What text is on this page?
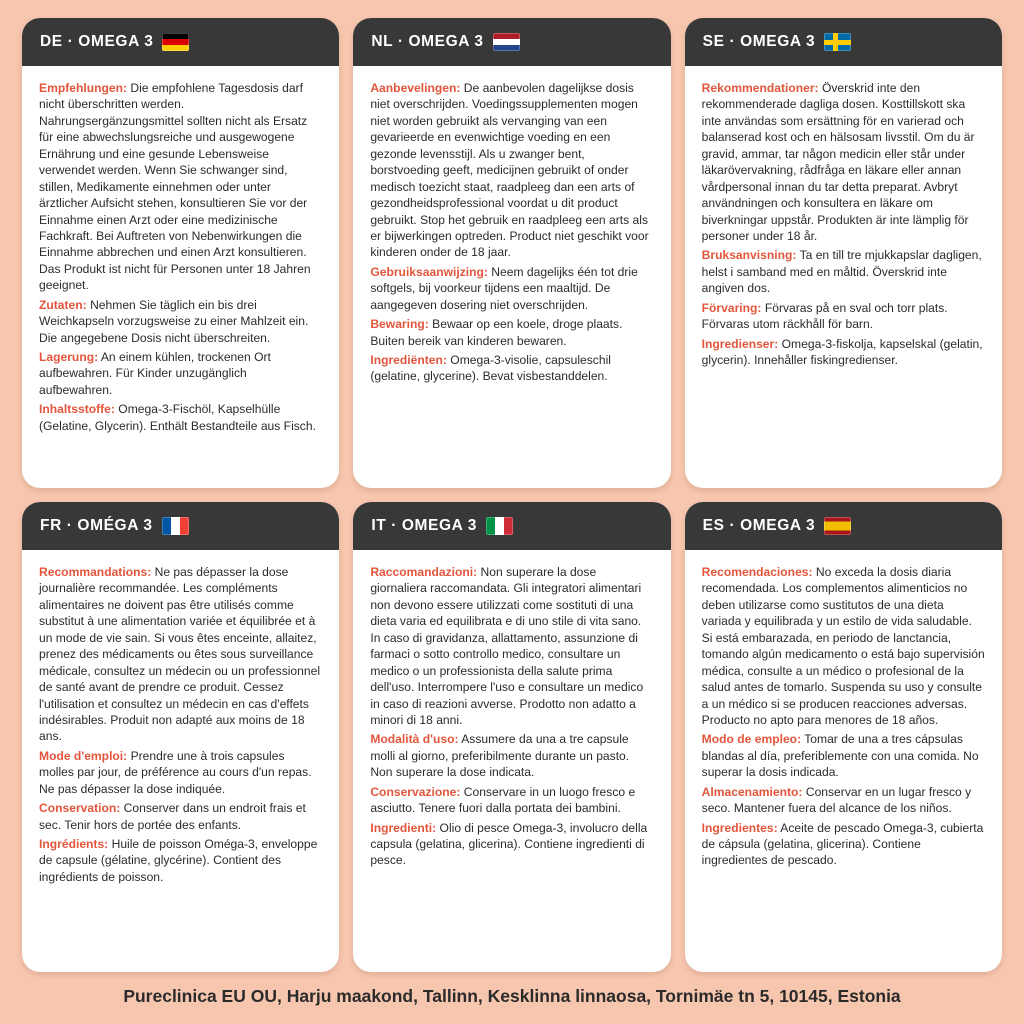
DE · OMEGA 3

Empfehlungen: Die empfohlene Tagesdosis darf nicht überschritten werden. Nahrungsergänzungsmittel sollten nicht als Ersatz für eine abwechslungsreiche und ausgewogene Ernährung und eine gesunde Lebensweise verwendet werden. Wenn Sie schwanger sind, stillen, Medikamente einnehmen oder unter ärztlicher Aufsicht stehen, konsultieren Sie vor der Einnahme einen Arzt oder eine medizinische Fachkraft. Bei Auftreten von Nebenwirkungen die Einnahme abbrechen und einen Arzt konsultieren. Das Produkt ist nicht für Personen unter 18 Jahren geeignet.

Zutaten: Nehmen Sie täglich ein bis drei Weichkapseln vorzugsweise zu einer Mahlzeit ein. Die angegebene Dosis nicht überschreiten.

Lagerung: An einem kühlen, trockenen Ort aufbewahren. Für Kinder unzugänglich aufbewahren.

Inhaltsstoffe: Omega-3-Fischöl, Kapselhülle (Gelatine, Glycerin). Enthält Bestandteile aus Fisch.

NL · OMEGA 3

Aanbevelingen: De aanbevolen dagelijkse dosis niet overschrijden. Voedingssupplementen mogen niet worden gebruikt als vervanging van een gevarieerde en evenwichtige voeding en een gezonde levensstijl. Als u zwanger bent, borstvoeding geeft, medicijnen gebruikt of onder medisch toezicht staat, raadpleeg dan een arts of gezondheidsprofessional voordat u dit product gebruikt. Stop het gebruik en raadpleeg een arts als er bijwerkingen optreden. Product niet geschikt voor kinderen onder de 18 jaar.

Gebruiksaanwijzing: Neem dagelijks één tot drie softgels, bij voorkeur tijdens een maaltijd. De aangegeven dosering niet overschrijden.

Bewaring: Bewaar op een koele, droge plaats. Buiten bereik van kinderen bewaren.

Ingrediënten: Omega-3-visolie, capsuleschil (gelatine, glycerine). Bevat visbestanddelen.

SE · OMEGA 3

Rekommendationer: Överskrid inte den rekommenderade dagliga dosen. Kosttillskott ska inte användas som ersättning för en varierad och balanserad kost och en hälsosam livsstil. Om du är gravid, ammar, tar någon medicin eller står under läkarövervakning, rådfråga en läkare eller annan vårdpersonal innan du tar detta preparat. Avbryt användningen och konsultera en läkare om biverkningar uppstår. Produkten är inte lämplig för personer under 18 år.

Bruksanvisning: Ta en till tre mjukkapslar dagligen, helst i samband med en måltid. Överskrid inte angiven dos.

Förvaring: Förvaras på en sval och torr plats. Förvaras utom räckhåll för barn.

Ingredienser: Omega-3-fiskolja, kapselskal (gelatin, glycerin). Innehåller fiskingredienser.

FR · OMÉGA 3

Recommandations: Ne pas dépasser la dose journalière recommandée. Les compléments alimentaires ne doivent pas être utilisés comme substitut à une alimentation variée et équilibrée et à un mode de vie sain. Si vous êtes enceinte, allaitez, prenez des médicaments ou êtes sous surveillance médicale, consultez un médecin ou un professionnel de santé avant de prendre ce produit. Cessez l'utilisation et consultez un médecin en cas d'effets indésirables. Produit non adapté aux moins de 18 ans.

Mode d'emploi: Prendre une à trois capsules molles par jour, de préférence au cours d'un repas. Ne pas dépasser la dose indiquée.

Conservation: Conserver dans un endroit frais et sec. Tenir hors de portée des enfants.

Ingrédients: Huile de poisson Oméga-3, enveloppe de capsule (gélatine, glycérine). Contient des ingrédients de poisson.

IT · OMEGA 3

Raccomandazioni: Non superare la dose giornaliera raccomandata. Gli integratori alimentari non devono essere utilizzati come sostituti di una dieta varia ed equilibrata e di uno stile di vita sano. In caso di gravidanza, allattamento, assunzione di farmaci o sotto controllo medico, consultare un medico o un professionista della salute prima dell'uso. Interrompere l'uso e consultare un medico in caso di reazioni avverse. Prodotto non adatto a minori di 18 anni.

Modalità d'uso: Assumere da una a tre capsule molli al giorno, preferibilmente durante un pasto. Non superare la dose indicata.

Conservazione: Conservare in un luogo fresco e asciutto. Tenere fuori dalla portata dei bambini.

Ingredienti: Olio di pesce Omega-3, involucro della capsula (gelatina, glicerina). Contiene ingredienti di pesce.

ES · OMEGA 3

Recomendaciones: No exceda la dosis diaria recomendada. Los complementos alimenticios no deben utilizarse como sustitutos de una dieta variada y equilibrada y un estilo de vida saludable. Si está embarazada, en periodo de lanctancia, tomando algún medicamento o está bajo supervisión médica, consulte a un médico o profesional de la salud antes de tomarlo. Suspenda su uso y consulte a un médico si se producen reacciones adversas. Producto no apto para menores de 18 años.

Modo de empleo: Tomar de una a tres cápsulas blandas al día, preferiblemente con una comida. No superar la dosis indicada.

Almacenamiento: Conservar en un lugar fresco y seco. Mantener fuera del alcance de los niños.

Ingredientes: Aceite de pescado Omega-3, cubierta de cápsula (gelatina, glicerina). Contiene ingredientes de pescado.

Pureclinica EU OU, Harju maakond, Tallinn, Kesklinna linnaosa, Tornimäe tn 5, 10145, Estonia
